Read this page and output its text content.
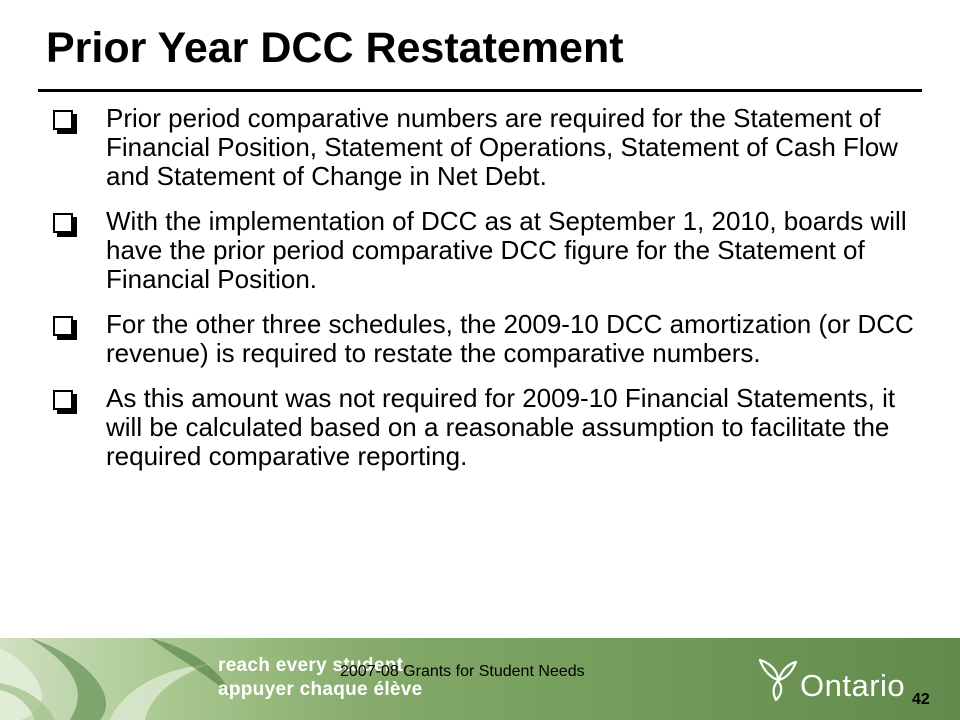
Prior Year DCC Restatement
Prior period comparative numbers are required for the Statement of Financial Position, Statement of Operations, Statement of Cash Flow and Statement of Change in Net Debt.
With the implementation of DCC as at September 1, 2010, boards will have the prior period comparative DCC figure for the Statement of Financial Position.
For the other three schedules, the 2009-10 DCC amortization (or DCC revenue) is required to restate the comparative numbers.
As this amount was not required for 2009-10 Financial Statements, it will be calculated based on a reasonable assumption to facilitate the required comparative reporting.
reach every student
appuyer chaque élève
2007-08 Grants for Student Needs	Ontario 42
